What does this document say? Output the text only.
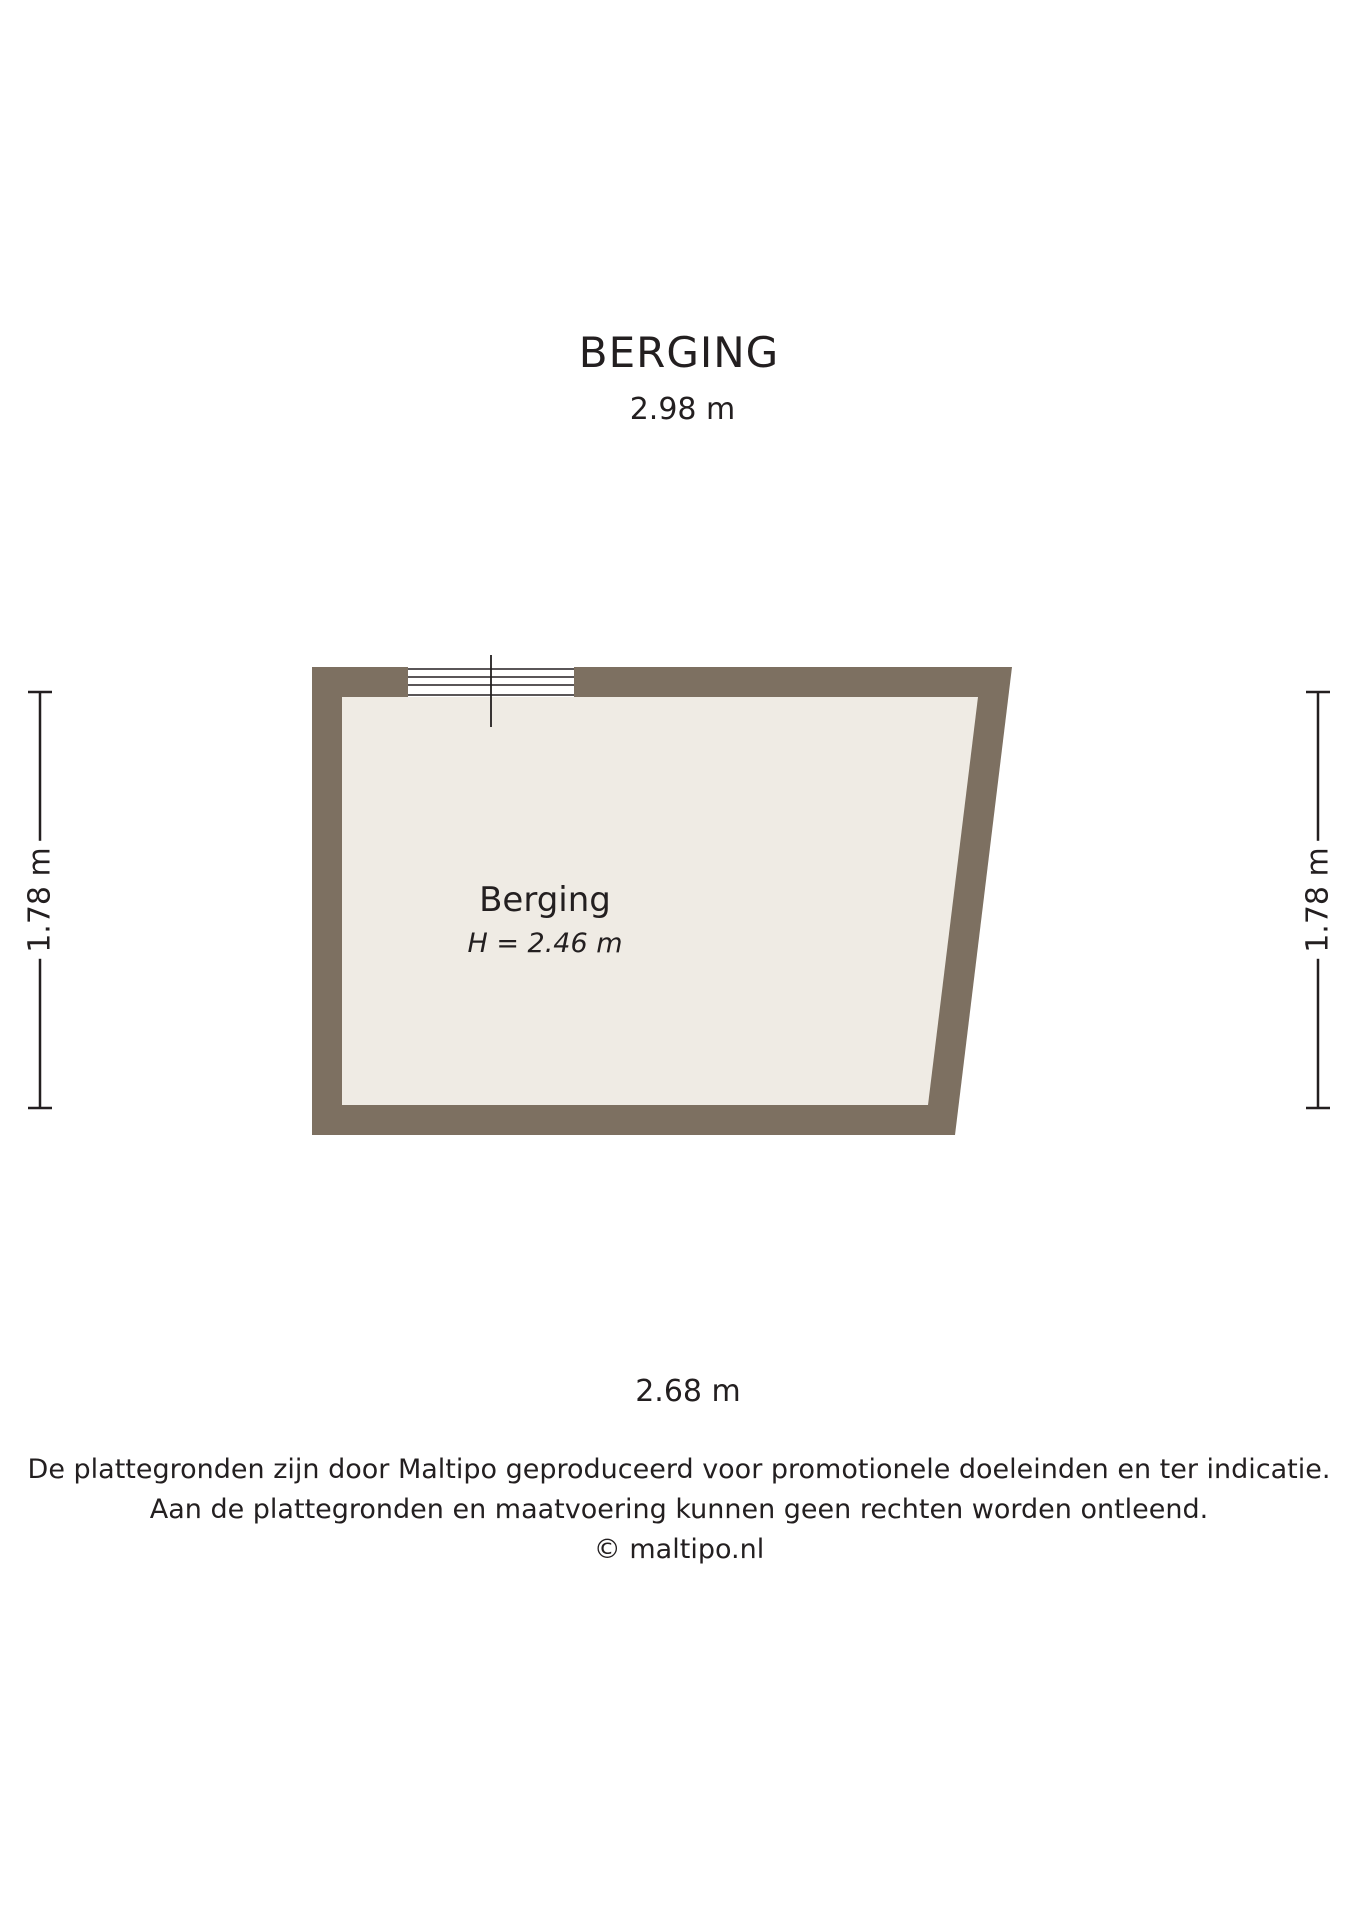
BERGING
2.98 m
2.68 m
1.78 m	1.78 m
Berging
H = 2.46 m
De plattegronden zijn door Maltipo geproduceerd voor promotionele doeleinden en ter indicatie.
Aan de plattegronden en maatvoering kunnen geen rechten worden ontleend.
© maltipo.nl
